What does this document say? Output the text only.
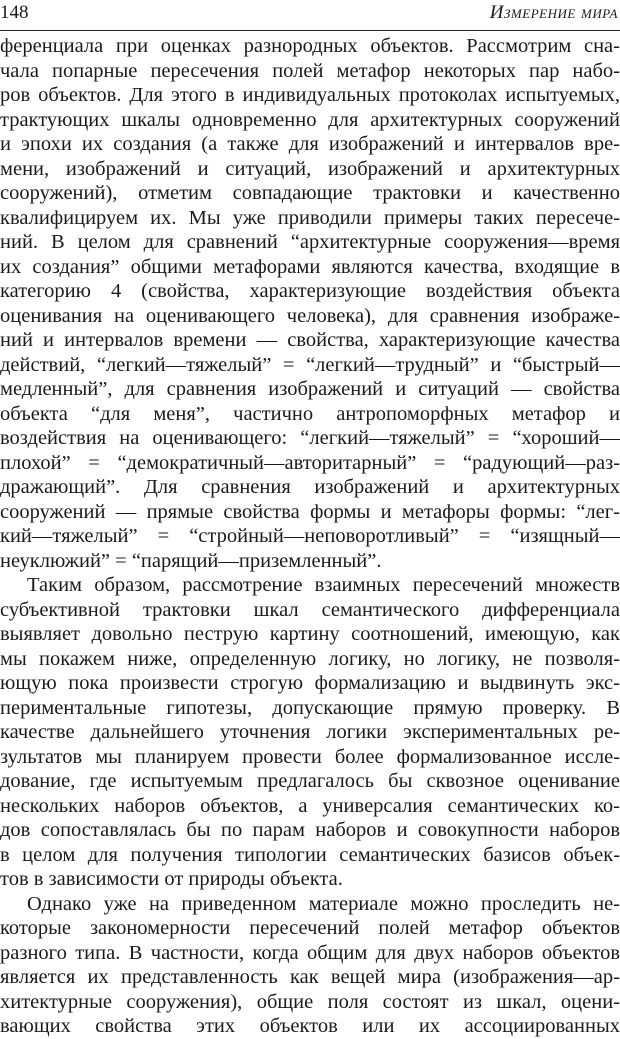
148	Измерение мира
ференциала при оценках разнородных объектов. Рассмотрим сна-
чала попарные пересечения полей метафор некоторых пар набо-
ров объектов. Для этого в индивидуальных протоколах испытуемых,
трактующих шкалы одновременно для архитектурных сооружений
и эпохи их создания (а также для изображений и интервалов вре-
мени, изображений и ситуаций, изображений и архитектурных
сооружений), отметим совпадающие трактовки и качественно
квалифицируем их. Мы уже приводили примеры таких пересече-
ний. В целом для сравнений “архитектурные сооружения—время
их создания” общими метафорами являются качества, входящие в
категорию 4 (свойства, характеризующие воздействия объекта
оценивания на оценивающего человека), для сравнения изображе-
ний и интервалов времени — свойства, характеризующие качества
действий, “легкий—тяжелый” = “легкий—трудный” и “быстрый—
медленный”, для сравнения изображений и ситуаций — свойства
объекта “для меня”, частично антропоморфных метафор и
воздействия на оценивающего: “легкий—тяжелый” = “хороший—
плохой” = “демократичный—авторитарный” = “радующий—раз-
дражающий”. Для сравнения изображений и архитектурных
сооружений — прямые свойства формы и метафоры формы: “лег-
кий—тяжелый” = “стройный—неповоротливый” = “изящный—
неуклюжий” = “парящий—приземленный”.
Таким образом, рассмотрение взаимных пересечений множеств
субъективной трактовки шкал семантического дифференциала
выявляет довольно пеструю картину соотношений, имеющую, как
мы покажем ниже, определенную логику, но логику, не позволя-
ющую пока произвести строгую формализацию и выдвинуть экс-
периментальные гипотезы, допускающие прямую проверку. В
качестве дальнейшего уточнения логики экспериментальных ре-
зультатов мы планируем провести более формализованное иссле-
дование, где испытуемым предлагалось бы сквозное оценивание
нескольких наборов объектов, а универсалия семантических ко-
дов сопоставлялась бы по парам наборов и совокупности наборов
в целом для получения типологии семантических базисов объек-
тов в зависимости от природы объекта.
Однако уже на приведенном материале можно проследить не-
которые закономерности пересечений полей метафор объектов
разного типа. В частности, когда общим для двух наборов объектов
является их представленность как вещей мира (изображения—ар-
хитектурные сооружения), общие поля состоят из шкал, оцени-
вающих свойства этих объектов или их ассоциированных
